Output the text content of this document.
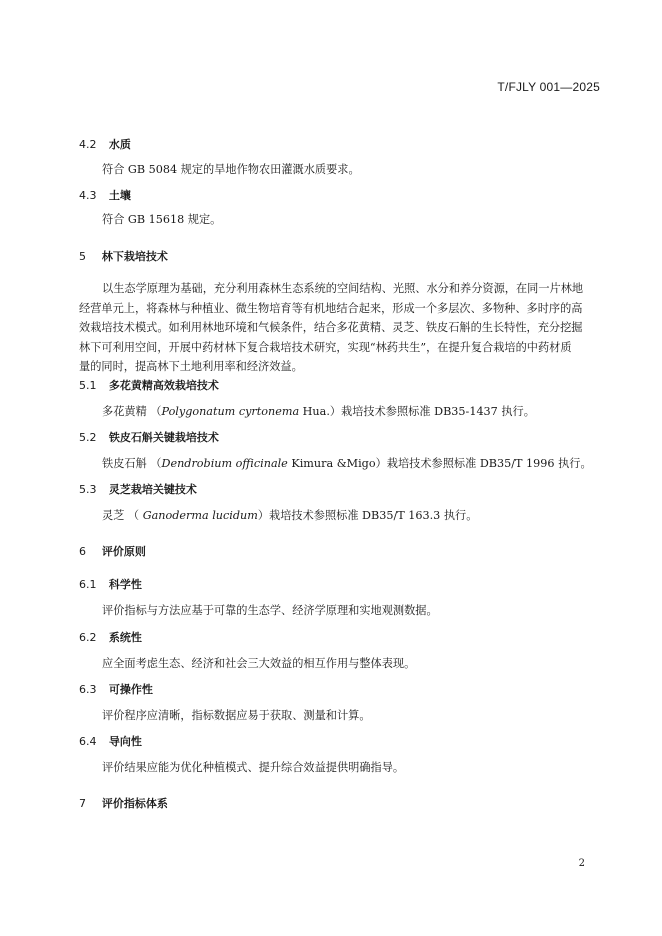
T/FJLY 001—2025
4.2 水质
符合 GB 5084 规定的旱地作物农田灌溉水质要求。
4.3 土壤
符合 GB 15618 规定。
5 林下栽培技术
以生态学原理为基础，充分利用森林生态系统的空间结构、光照、水分和养分资源，在同一片林地
经营单元上，将森林与种植业、微生物培育等有机地结合起来，形成一个多层次、多物种、多时序的高
效栽培技术模式。如利用林地环境和气候条件，结合多花黄精、灵芝、铁皮石斛的生长特性，充分挖掘
林下可利用空间，开展中药材林下复合栽培技术研究，实现“林药共生”，在提升复合栽培的中药材质
量的同时，提高林下土地利用率和经济效益。
5.1 多花黄精高效栽培技术
多花黄精 （Polygonatum cyrtonema Hua.）栽培技术参照标准 DB35-1437 执行。
5.2 铁皮石斛关键栽培技术
铁皮石斛 （Dendrobium officinale Kimura &Migo）栽培技术参照标准 DB35/T 1996 执行。
5.3 灵芝栽培关键技术
灵芝 （ Ganoderma lucidum）栽培技术参照标准 DB35/T 163.3 执行。
6 评价原则
6.1 科学性
评价指标与方法应基于可靠的生态学、经济学原理和实地观测数据。
6.2 系统性
应全面考虑生态、经济和社会三大效益的相互作用与整体表现。
6.3 可操作性
评价程序应清晰，指标数据应易于获取、测量和计算。
6.4 导向性
评价结果应能为优化种植模式、提升综合效益提供明确指导。
7 评价指标体系
2
